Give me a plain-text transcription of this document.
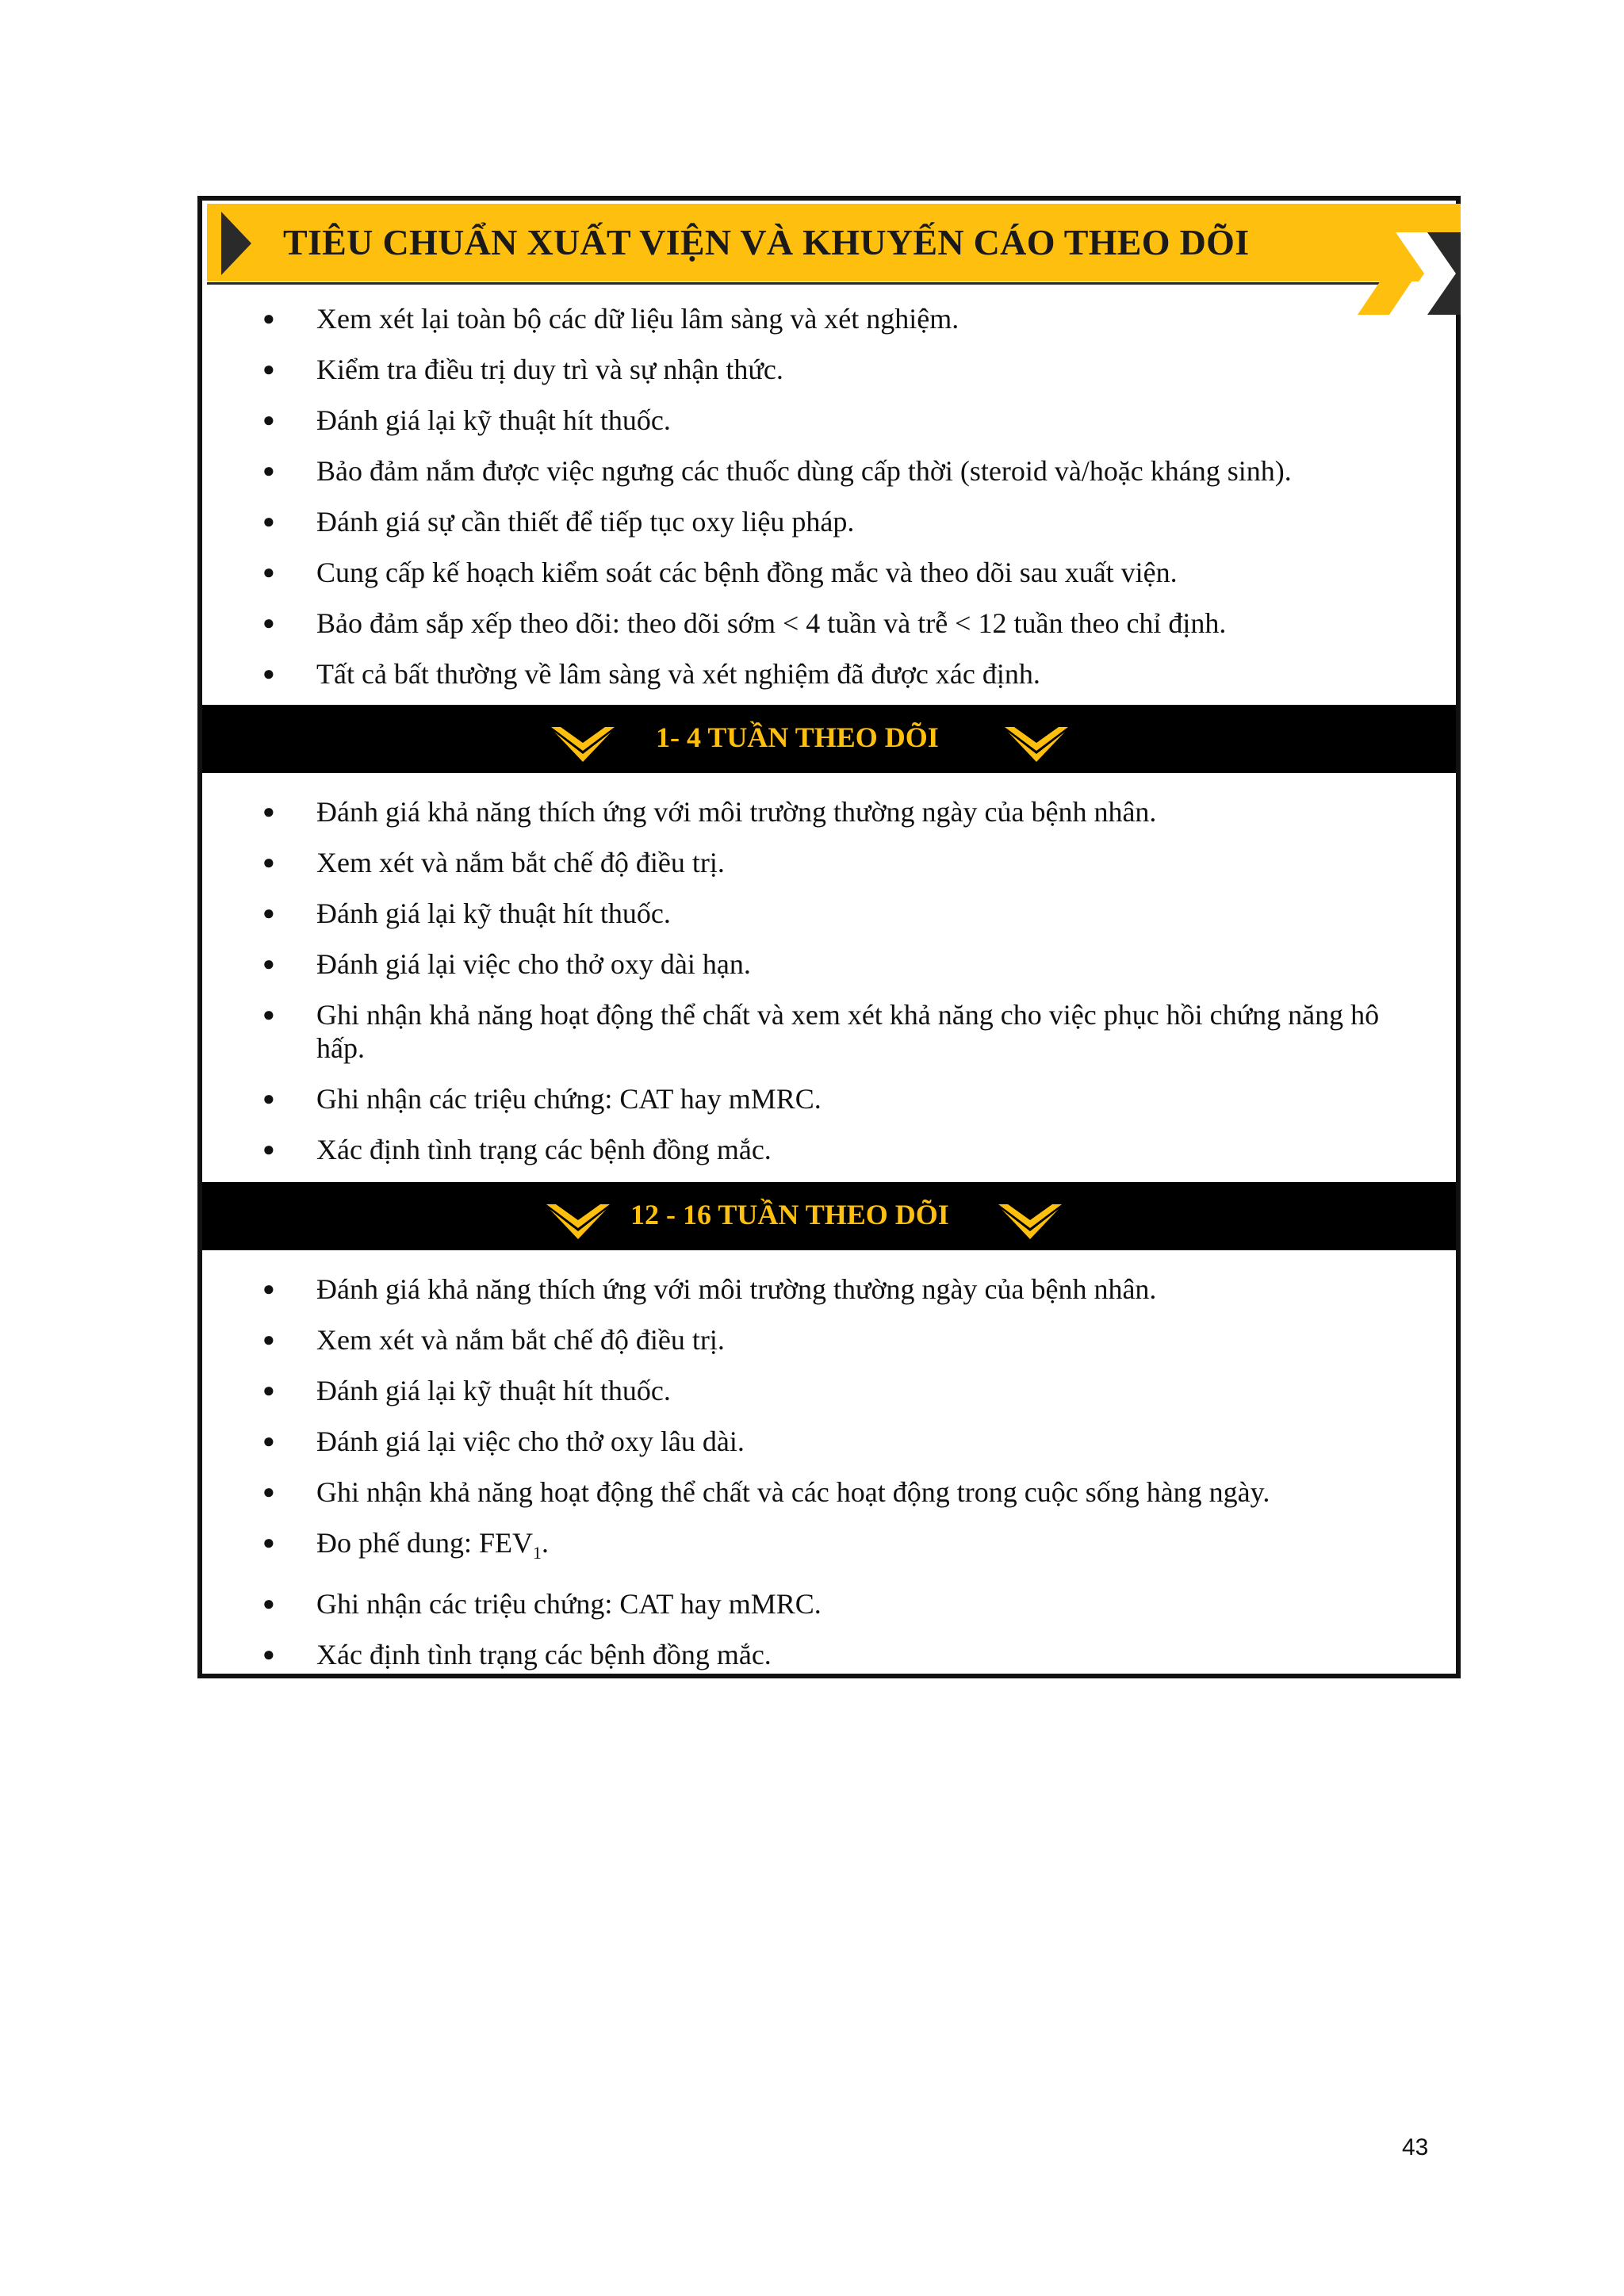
TIÊU CHUẨN XUẤT VIỆN VÀ KHUYẾN CÁO THEO DÕI
● Xem xét lại toàn bộ các dữ liệu lâm sàng và xét nghiệm.
● Kiểm tra điều trị duy trì và sự nhận thức.
● Đánh giá lại kỹ thuật hít thuốc.
● Bảo đảm nắm được việc ngưng các thuốc dùng cấp thời (steroid và/hoặc kháng sinh).
● Đánh giá sự cần thiết để tiếp tục oxy liệu pháp.
● Cung cấp kế hoạch kiểm soát các bệnh đồng mắc và theo dõi sau xuất viện.
● Bảo đảm sắp xếp theo dõi: theo dõi sớm < 4 tuần và trễ < 12 tuần theo chỉ định.
● Tất cả bất thường về lâm sàng và xét nghiệm đã được xác định.
1- 4 TUẦN THEO DÕI
● Đánh giá khả năng thích ứng với môi trường thường ngày của bệnh nhân.
● Xem xét và nắm bắt chế độ điều trị.
● Đánh giá lại kỹ thuật hít thuốc.
● Đánh giá lại việc cho thở oxy dài hạn.
● Ghi nhận khả năng hoạt động thể chất và xem xét khả năng cho việc phục hồi chứng năng hô hấp.
● Ghi nhận các triệu chứng: CAT hay mMRC.
● Xác định tình trạng các bệnh đồng mắc.
12 - 16 TUẦN THEO DÕI
● Đánh giá khả năng thích ứng với môi trường thường ngày của bệnh nhân.
● Xem xét và nắm bắt chế độ điều trị.
● Đánh giá lại kỹ thuật hít thuốc.
● Đánh giá lại việc cho thở oxy lâu dài.
● Ghi nhận khả năng hoạt động thể chất và các hoạt động trong cuộc sống hàng ngày.
● Đo phế dung: $FEV_1$.
● Ghi nhận các triệu chứng: CAT hay mMRC.
● Xác định tình trạng các bệnh đồng mắc.
43
